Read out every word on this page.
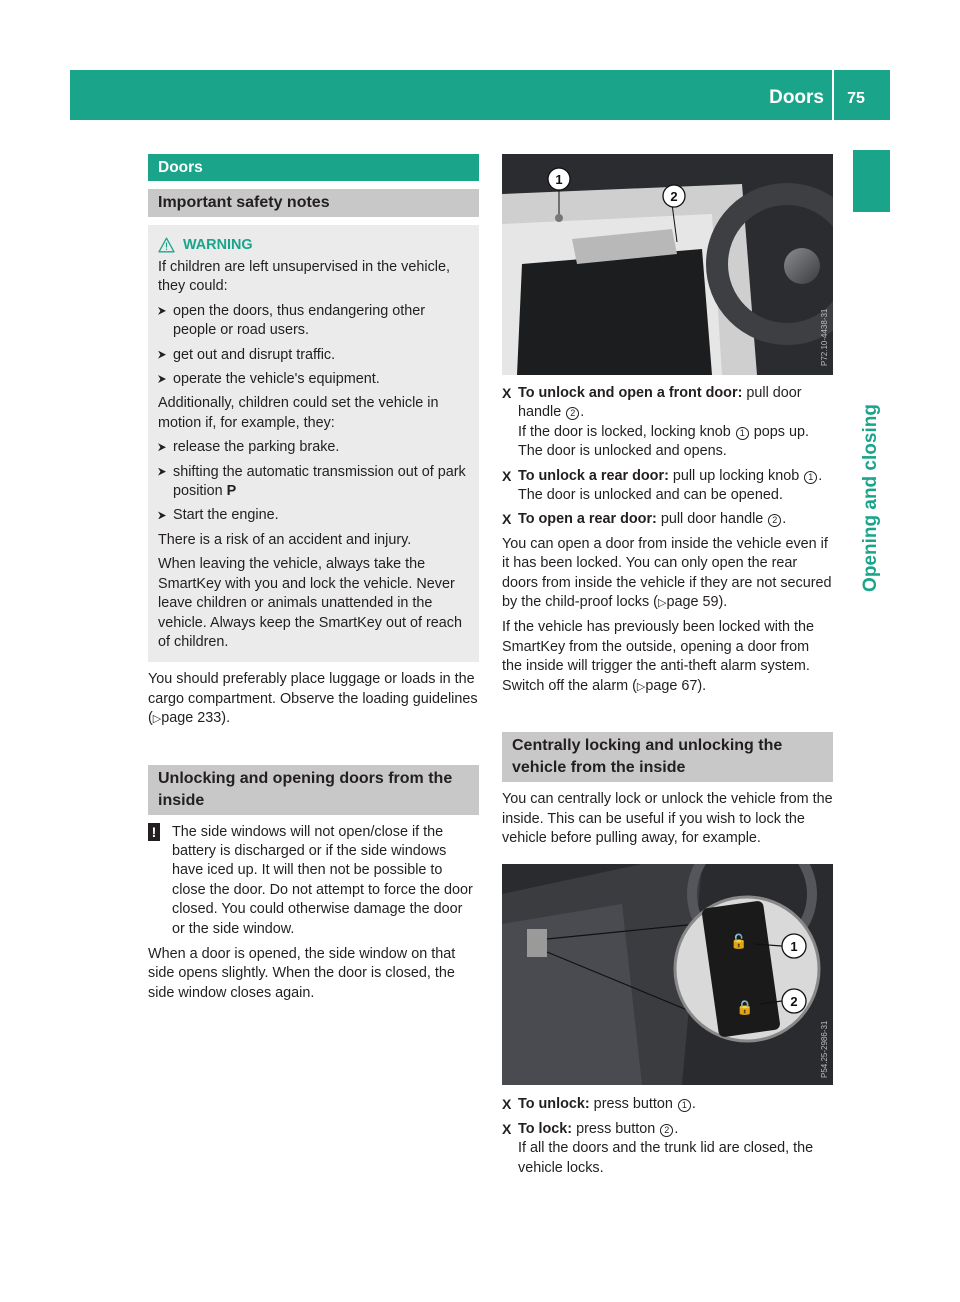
Doors	75
Opening and closing
Doors
Important safety notes
WARNING

If children are left unsupervised in the vehicle, they could:

open the doors, thus endangering other people or road users.
get out and disrupt traffic.
operate the vehicle's equipment.

Additionally, children could set the vehicle in motion if, for example, they:

release the parking brake.
shifting the automatic transmission out of park position P
Start the engine.

There is a risk of an accident and injury.

When leaving the vehicle, always take the SmartKey with you and lock the vehicle. Never leave children or animals unattended in the vehicle. Always keep the SmartKey out of reach of children.

You should preferably place luggage or loads in the cargo compartment. Observe the loading guidelines (▷page 233).

Unlocking and opening doors from the inside
!	The side windows will not open/close if the battery is discharged or if the side windows have iced up. It will then not be possible to close the door. Do not attempt to force the door closed. You could otherwise damage the door or the side window.

When a door is opened, the side window on that side opens slightly. When the door is closed, the side window closes again.

1
2
P72.10-4438-31
X To unlock and open a front door: pull door handle 2 .
If the door is locked, locking knob 1 pops up. The door is unlocked and opens.
X To unlock a rear door: pull up locking knob 1 .
The door is unlocked and can be opened.
X To open a rear door: pull door handle 2 .

You can open a door from inside the vehicle even if it has been locked. You can only open the rear doors from inside the vehicle if they are not secured by the child-proof locks (▷page 59).

If the vehicle has previously been locked with the SmartKey from the outside, opening a door from the inside will trigger the anti-theft alarm system. Switch off the alarm (▷page 67).

Centrally locking and unlocking the vehicle from the inside

You can centrally lock or unlock the vehicle from the inside. This can be useful if you wish to lock the vehicle before pulling away, for example.

🔓
🔒
1
2
P54.25-2986-31
X To unlock: press button 1 .
X To lock: press button 2 .
If all the doors and the trunk lid are closed, the vehicle locks.
